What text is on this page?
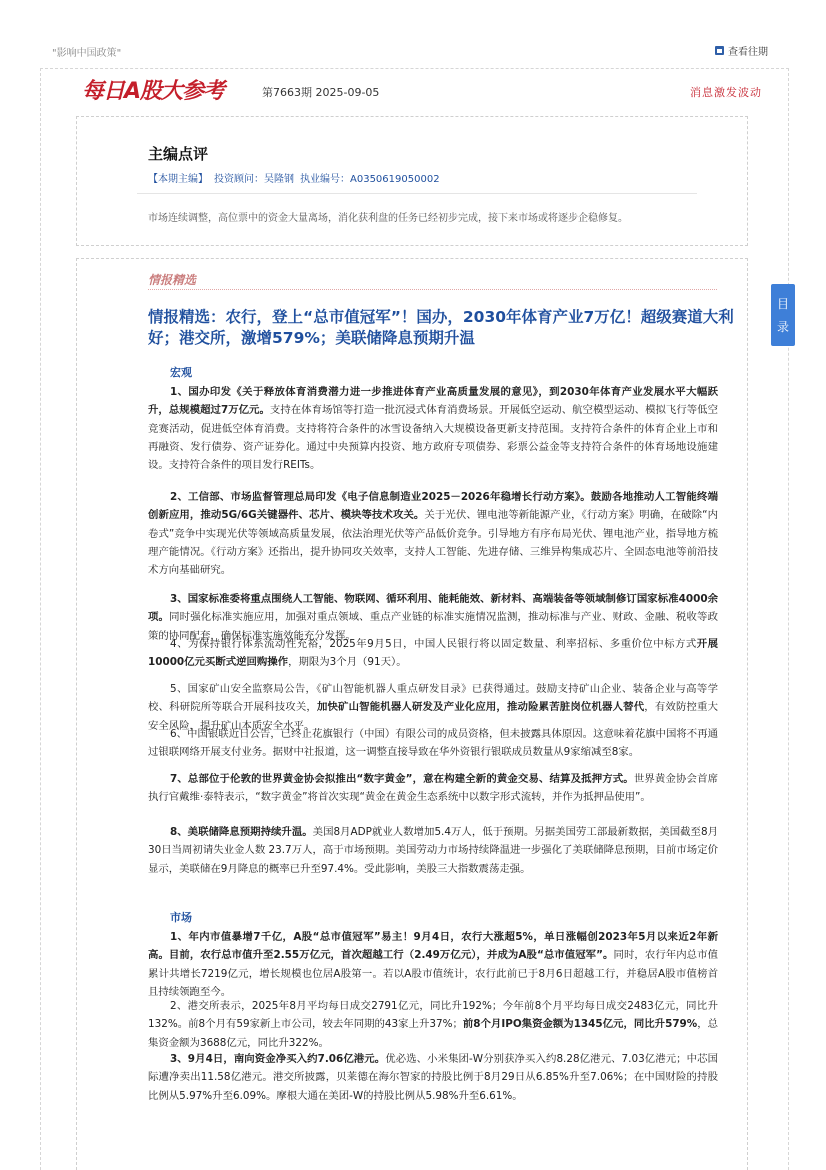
"影响中国政策"	查看往期
每日A股大参考	第7663期 2025-09-05	消息激发波动
主编点评
【本期主编】 投资顾问：吴隆钢 执业编号：A0350619050002
市场连续调整，高位票中的资金大量离场，消化获利盘的任务已经初步完成，接下来市场或将逐步企稳修复。
情报精选
情报精选：农行，登上“总市值冠军”！国办，2030年体育产业7万亿！超级赛道大利好；港交所，激增579%；美联储降息预期升温
宏观

1、国办印发《关于释放体育消费潜力进一步推进体育产业高质量发展的意见》，到2030年体育产业发展水平大幅跃升，总规模超过7万亿元。支持在体育场馆等打造一批沉浸式体育消费场景。开展低空运动、航空模型运动、模拟飞行等低空竞赛活动，促进低空体育消费。支持将符合条件的冰雪设备纳入大规模设备更新支持范围。支持符合条件的体育企业上市和再融资、发行债券、资产证券化。通过中央预算内投资、地方政府专项债券、彩票公益金等支持符合条件的体育场地设施建设。支持符合条件的项目发行REITs。

2、工信部、市场监督管理总局印发《电子信息制造业2025－2026年稳增长行动方案》。鼓励各地推动人工智能终端创新应用，推动5G/6G关键器件、芯片、模块等技术攻关。关于光伏、锂电池等新能源产业，《行动方案》明确，在破除“内卷式”竞争中实现光伏等领域高质量发展，依法治理光伏等产品低价竞争。引导地方有序布局光伏、锂电池产业，指导地方梳理产能情况。《行动方案》还指出，提升协同攻关效率，支持人工智能、先进存储、三维异构集成芯片、全固态电池等前沿技术方向基础研究。

3、国家标准委将重点围绕人工智能、物联网、循环利用、能耗能效、新材料、高端装备等领域制修订国家标准4000余项。同时强化标准实施应用，加强对重点领域、重点产业链的标准实施情况监测，推动标准与产业、财政、金融、税收等政策的协同配套，确保标准实施效能充分发挥。

4、为保持银行体系流动性充裕，2025年9月5日，中国人民银行将以固定数量、利率招标、多重价位中标方式开展10000亿元买断式逆回购操作，期限为3个月（91天）。

5、国家矿山安全监察局公告，《矿山智能机器人重点研发目录》已获得通过。鼓励支持矿山企业、装备企业与高等学校、科研院所等联合开展科技攻关，加快矿山智能机器人研发及产业化应用，推动险累苦脏岗位机器人替代，有效防控重大安全风险，提升矿山本质安全水平。

6、中国银联近日公告，已终止花旗银行（中国）有限公司的成员资格，但未披露具体原因。这意味着花旗中国将不再通过银联网络开展支付业务。据财中社报道，这一调整直接导致在华外资银行银联成员数量从9家缩减至8家。

7、总部位于伦敦的世界黄金协会拟推出“数字黄金”，意在构建全新的黄金交易、结算及抵押方式。世界黄金协会首席执行官戴维·泰特表示，“数字黄金”将首次实现“黄金在黄金生态系统中以数字形式流转，并作为抵押品使用”。

8、美联储降息预期持续升温。美国8月ADP就业人数增加5.4万人，低于预期。另据美国劳工部最新数据，美国截至8月30日当周初请失业金人数 23.7万人，高于市场预期。美国劳动力市场持续降温进一步强化了美联储降息预期，目前市场定价显示，美联储在9月降息的概率已升至97.4%。受此影响，美股三大指数震荡走强。

市场

1、年内市值暴增7千亿，A股“总市值冠军”易主！9月4日，农行大涨超5%，单日涨幅创2023年5月以来近2年新高。目前，农行总市值升至2.55万亿元，首次超越工行（2.49万亿元），并成为A股“总市值冠军”。同时，农行年内总市值累计共增长7219亿元，增长规模也位居A股第一。若以A股市值统计，农行此前已于8月6日超越工行，并稳居A股市值榜首且持续领跑至今。

2、港交所表示，2025年8月平均每日成交2791亿元，同比升192%；今年前8个月平均每日成交2483亿元，同比升132%。前8个月有59家新上市公司，较去年同期的43家上升37%；前8个月IPO集资金额为1345亿元，同比升579%，总集资金额为3688亿元，同比升322%。

3、9月4日，南向资金净买入约7.06亿港元。优必选、小米集团-W分别获净买入约8.28亿港元、7.03亿港元；中芯国际遭净卖出11.58亿港元。港交所披露，贝莱德在海尔智家的持股比例于8月29日从6.85%升至7.06%；在中国财险的持股比例从5.97%升至6.09%。摩根大通在美团-W的持股比例从5.98%升至6.61%。

目
录
